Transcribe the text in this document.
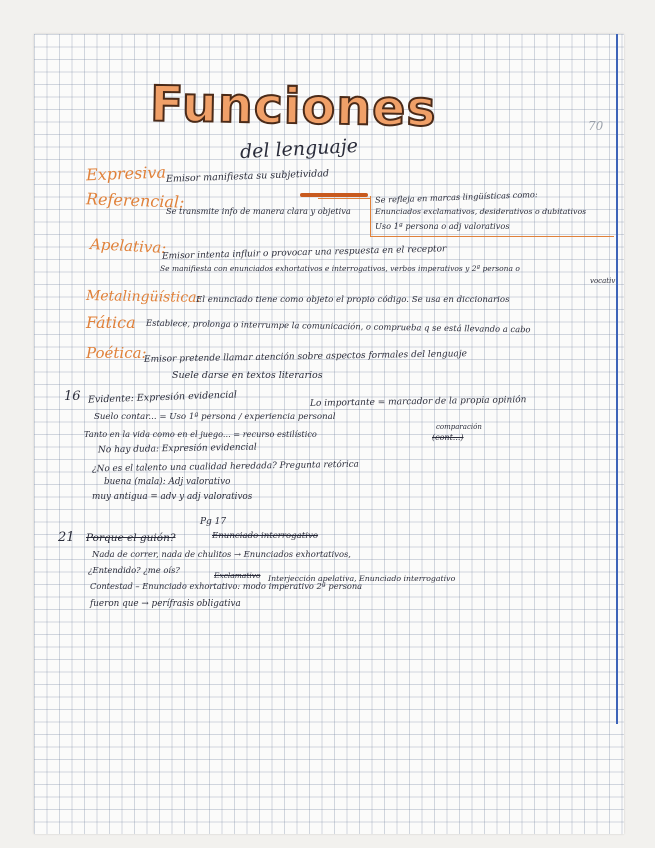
Funciones
del lenguaje
70
Expresiva Emisor manifiesta su subjetividad
Referencial:
Se transmite info de manera clara y objetiva
Se refleja en marcas lingüísticas como:
Enunciados exclamativos, desiderativos o dubitativos
Uso 1ª persona o adj valorativos
Apelativa:
Emisor intenta influir o provocar una respuesta en el receptor
Se manifiesta con enunciados exhortativos e interrogativos, verbos imperativos y 2ª persona o
vocativ
Metalingüística:
El enunciado tiene como objeto el propio código. Se usa en diccionarios
Fática Establece, prolonga o interrumpe la comunicación, o comprueba q se está llevando a cabo
Poética:
Emisor pretende llamar atención sobre aspectos formales del lenguaje
Suele darse en textos literarios
16 Evidente: Expresión evidencial	Lo importante = marcador de la propia opinión
Suelo contar... = Uso 1ª persona / experiencia personal
comparación
Tanto en la vida como en el juego... = recurso estilístico	(cont...)
No hay duda: Expresión evidencial
¿No es el talento una cualidad heredada? Pregunta retórica
buena (mala): Adj valorativo
muy antigua = adv y adj valorativos
Pg 17
21 Porque el guión?	Enunciado interrogativo
Nada de correr, nada de chulitos → Enunciados exhortativos,
¿Entendido? ¿me oís?
Exclamativo Interjección apelativa, Enunciado interrogativo
Contestad – Enunciado exhortativo: modo imperativo 2ª persona
fueron que → perífrasis obligativa
